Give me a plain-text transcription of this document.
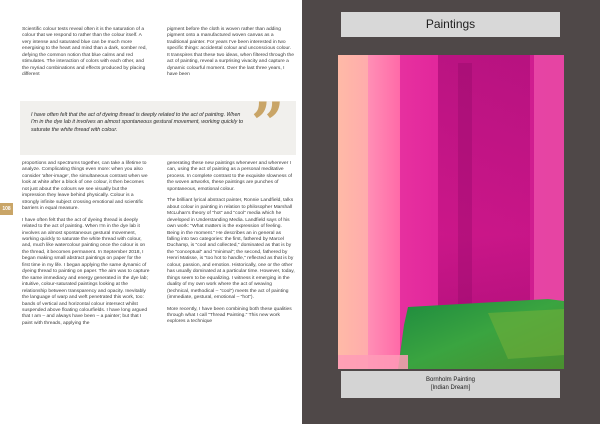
Scientific colour tests reveal often it is the saturation of a colour that we respond to rather than the colour itself. A very intense and saturated blue can be much more energising to the heart and mind than a dark, somber red, defying the common notion that blue calms and red stimulates. The interaction of colors with each other, and the myriad combinations and effects produced by placing different

pigment before the cloth is woven rather than adding pigment onto a manufactured woven canvas as a traditional painter. For years I've been interested in two specific things: accidental colour and unconscious colour. It transpires that these two ideas, when filtered through the act of painting, reveal a surprising vivacity and capture a dynamic colourful moment. Over the last three years, I have been

I have often felt that the act of dyeing thread is deeply related to the act of painting. When I'm in the dye lab it involves an almost spontaneous gestural movement, working quickly to saturate the white thread with colour.	”
108

proportions and spectrums together, can take a lifetime to analyze. Complicating things even more: when you also consider 'after-image', the simultaneous contrast when we look at white after a block of one colour, it then becomes not just about the colours we see visually but the impression they leave behind physically. Colour is a strongly infinite subject crossing emotional and scientific barriers in equal measure.

I have often felt that the act of dyeing thread is deeply related to the act of painting. When I'm in the dye lab it involves an almost spontaneous gestural movement, working quickly to saturate the white thread with colour, and, much like watercolour painting once the colour is on the thread, it becomes permanent. In September 2018, I began making small abstract paintings on paper for the first time in my life. I began applying the same dynamic of dyeing thread to painting on paper. The aim was to capture the same immediacy and energy generated in the dye lab; intuitive, colour-saturated paintings looking at the relationship between transparency and opacity. Inevitably the language of warp and weft penetrated this work, too: bands of vertical and horizontal colour intersect whilst suspended above floating colourfields. I have long argued that I am – and always have been – a painter; but that I paint with threads, applying the

generating these new paintings whenever and wherever I can, using the act of painting as a personal meditative process. In complete contrast to the exquisite slowness of the woven artworks, these paintings are punches of spontaneous, emotional colour.

The brilliant lyrical abstract painter, Ronnie Landfield, talks about colour in painting in relation to philosopher Marshall McLuhan's theory of "hot" and "cool" media which he developed in Understanding Media. Landfield says of his own work: "What matters is the expression of feeling. Being in the moment." He describes an in general as falling into two categories: the first, fathered by Marcel Duchamp, is "cool and collected," dominated as that is by the "conceptual" and "minimal"; the second, fathered by Henri Matisse, is "too hot to handle," reflected as that is by colour, passion, and emotion. Historically, one or the other has usually dominated at a particular time. However, today, things seem to be equalizing. I witness it emerging in the duality of my own work where the act of weaving (technical, methodical – "cool") meets the act of painting (immediate, gestural, emotional – "hot").

More recently, I have been combining both these qualities through what I call "Thread Painting." This new work explores a technique

Paintings
Bornholm Painting
[Indian Dream]
